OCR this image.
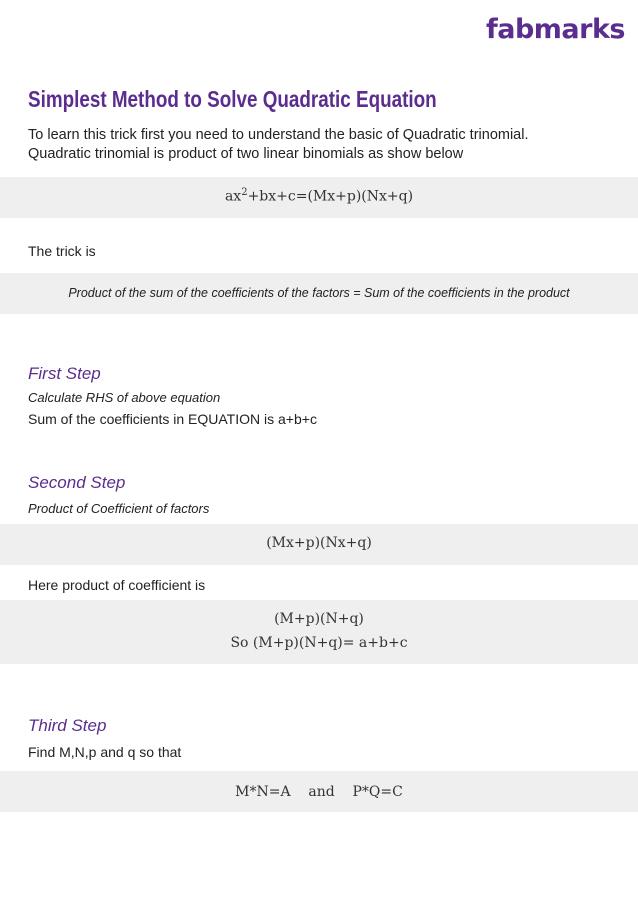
fabmarks
Simplest Method to Solve Quadratic Equation
To learn this trick first you need to understand the basic of Quadratic trinomial.
Quadratic trinomial is product of two linear binomials as show below
$ax^2+bx+c=(Mx+p)(Nx+q)$
The trick is
Product of the sum of the coefficients of the factors = Sum of the coefficients in the product
First Step
Calculate RHS of above equation
Sum of the coefficients in EQUATION is a+b+c
Second Step
Product of Coefficient of factors
(Mx+p)(Nx+q)
Here product of coefficient is
(M+p)(N+q)
So (M+p)(N+q)= a+b+c
Third Step
Find M,N,p and q so that
M*N=A    and    P*Q=C
